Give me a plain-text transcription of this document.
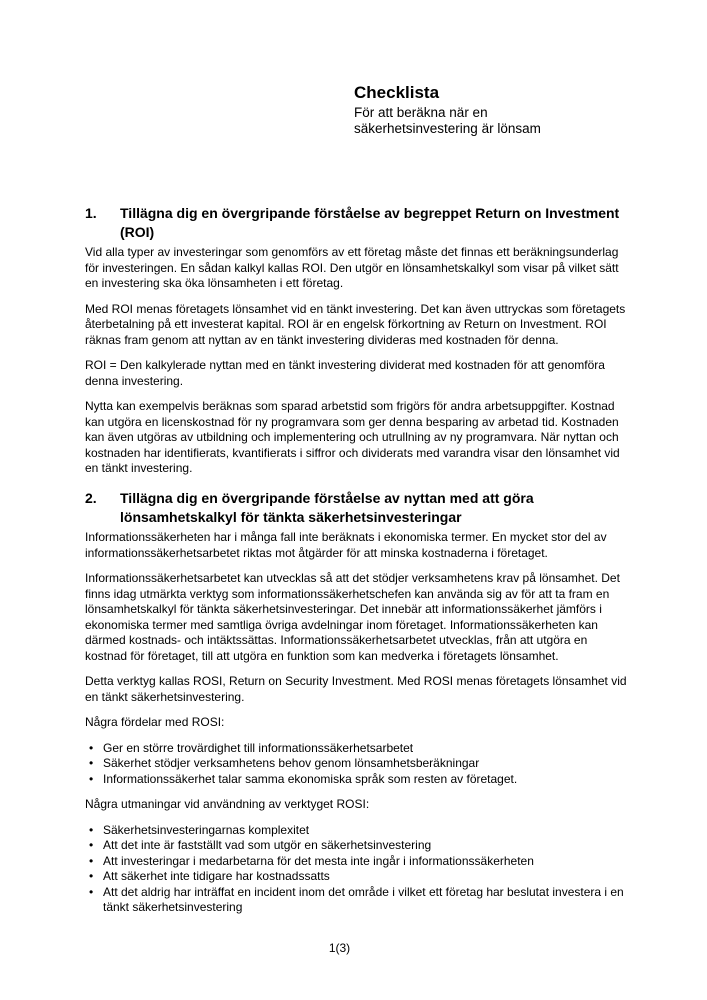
Checklista
För att beräkna när en
säkerhetsinvestering är lönsam
1.	Tillägna dig en övergripande förståelse av begreppet Return on Investment (ROI)

Vid alla typer av investeringar som genomförs av ett företag måste det finnas ett beräkningsunderlag för investeringen. En sådan kalkyl kallas ROI. Den utgör en lönsamhetskalkyl som visar på vilket sätt en investering ska öka lönsamheten i ett företag.

Med ROI menas företagets lönsamhet vid en tänkt investering. Det kan även uttryckas som företagets återbetalning på ett investerat kapital. ROI är en engelsk förkortning av Return on Investment. ROI räknas fram genom att nyttan av en tänkt investering divideras med kostnaden för denna.

ROI = Den kalkylerade nyttan med en tänkt investering dividerat med kostnaden för att genomföra denna investering.

Nytta kan exempelvis beräknas som sparad arbetstid som frigörs för andra arbetsuppgifter. Kostnad kan utgöra en licenskostnad för ny programvara som ger denna besparing av arbetad tid. Kostnaden kan även utgöras av utbildning och implementering och utrullning av ny programvara. När nyttan och kostnaden har identifierats, kvantifierats i siffror och dividerats med varandra visar den lönsamhet vid en tänkt investering.

2.	Tillägna dig en övergripande förståelse av nyttan med att göra lönsamhetskalkyl för tänkta säkerhetsinvesteringar

Informationssäkerheten har i många fall inte beräknats i ekonomiska termer. En mycket stor del av informationssäkerhetsarbetet riktas mot åtgärder för att minska kostnaderna i företaget.

Informationssäkerhetsarbetet kan utvecklas så att det stödjer verksamhetens krav på lönsamhet. Det finns idag utmärkta verktyg som informationssäkerhetschefen kan använda sig av för att ta fram en lönsamhetskalkyl för tänkta säkerhetsinvesteringar. Det innebär att informationssäkerhet jämförs i ekonomiska termer med samtliga övriga avdelningar inom företaget. Informationssäkerheten kan därmed kostnads- och intäktssättas. Informationssäkerhetsarbetet utvecklas, från att utgöra en kostnad för företaget, till att utgöra en funktion som kan medverka i företagets lönsamhet.

Detta verktyg kallas ROSI, Return on Security Investment. Med ROSI menas företagets lönsamhet vid en tänkt säkerhetsinvestering.

Några fördelar med ROSI:

• Ger en större trovärdighet till informationssäkerhetsarbetet
• Säkerhet stödjer verksamhetens behov genom lönsamhetsberäkningar
• Informationssäkerhet talar samma ekonomiska språk som resten av företaget.

Några utmaningar vid användning av verktyget ROSI:

• Säkerhetsinvesteringarnas komplexitet
• Att det inte är fastställt vad som utgör en säkerhetsinvestering
• Att investeringar i medarbetarna för det mesta inte ingår i informationssäkerheten
• Att säkerhet inte tidigare har kostnadssatts
• Att det aldrig har inträffat en incident inom det område i vilket ett företag har beslutat investera i en tänkt säkerhetsinvestering
1(3)
